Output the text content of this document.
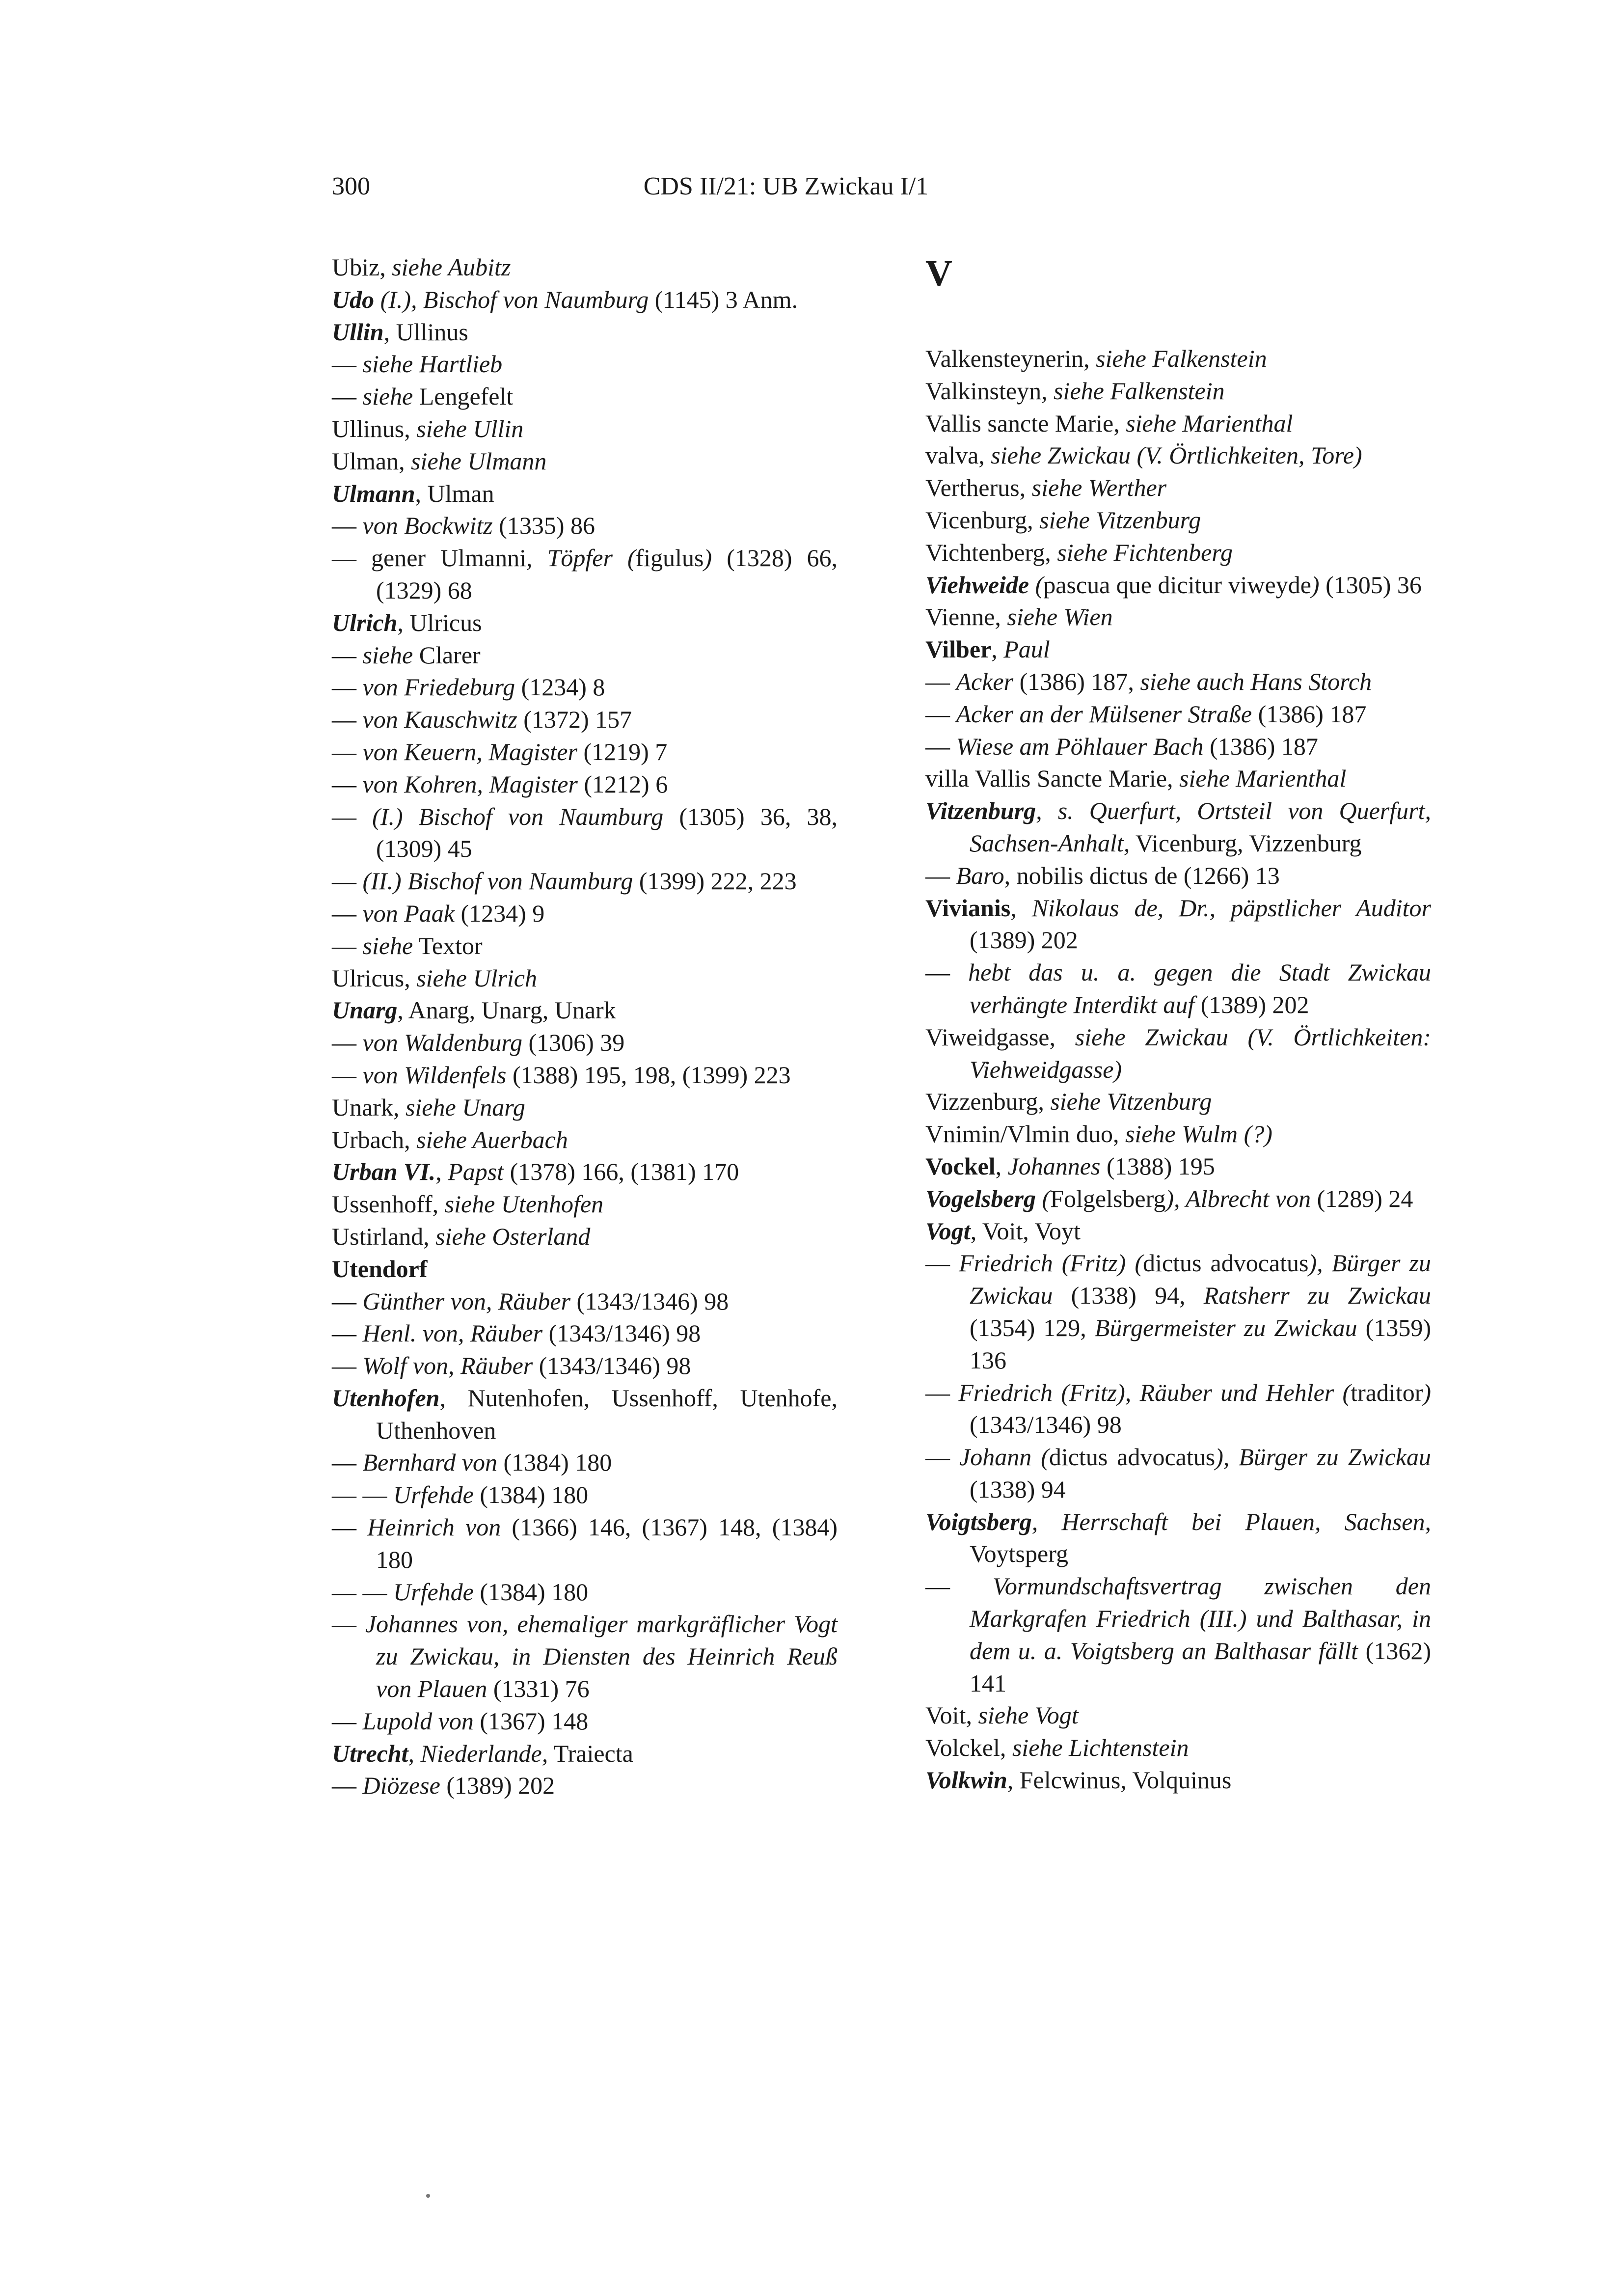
300	CDS II/21: UB Zwickau I/1
Ubiz, siehe Aubitz
Udo (I.), Bischof von Naumburg (1145) 3 Anm.
Ullin, Ullinus
— siehe Hartlieb
— siehe Lengefelt
Ullinus, siehe Ullin
Ulman, siehe Ulmann
Ulmann, Ulman
— von Bockwitz (1335) 86
— gener Ulmanni, Töpfer (figulus) (1328) 66, (1329) 68
Ulrich, Ulricus
— siehe Clarer
— von Friedeburg (1234) 8
— von Kauschwitz (1372) 157
— von Keuern, Magister (1219) 7
— von Kohren, Magister (1212) 6
— (I.) Bischof von Naumburg (1305) 36, 38, (1309) 45
— (II.) Bischof von Naumburg (1399) 222, 223
— von Paak (1234) 9
— siehe Textor
Ulricus, siehe Ulrich
Unarg, Anarg, Unarg, Unark
— von Waldenburg (1306) 39
— von Wildenfels (1388) 195, 198, (1399) 223
Unark, siehe Unarg
Urbach, siehe Auerbach
Urban VI., Papst (1378) 166, (1381) 170
Ussenhoff, siehe Utenhofen
Ustirland, siehe Osterland
Utendorf
— Günther von, Räuber (1343/1346) 98
— Henl. von, Räuber (1343/1346) 98
— Wolf von, Räuber (1343/1346) 98
Utenhofen, Nutenhofen, Ussenhoff, Utenhofe, Uthenhoven
— Bernhard von (1384) 180
— — Urfehde (1384) 180
— Heinrich von (1366) 146, (1367) 148, (1384) 180
— — Urfehde (1384) 180
— Johannes von, ehemaliger markgräflicher Vogt zu Zwickau, in Diensten des Heinrich Reuß von Plauen (1331) 76
— Lupold von (1367) 148
Utrecht, Niederlande, Traiecta
— Diözese (1389) 202
V
Valkensteynerin, siehe Falkenstein
Valkinsteyn, siehe Falkenstein
Vallis sancte Marie, siehe Marienthal
valva, siehe Zwickau (V. Örtlichkeiten, Tore)
Vertherus, siehe Werther
Vicenburg, siehe Vitzenburg
Vichtenberg, siehe Fichtenberg
Viehweide (pascua que dicitur viweyde) (1305) 36
Vienne, siehe Wien
Vilber, Paul
— Acker (1386) 187, siehe auch Hans Storch
— Acker an der Mülsener Straße (1386) 187
— Wiese am Pöhlauer Bach (1386) 187
villa Vallis Sancte Marie, siehe Marienthal
Vitzenburg, s. Querfurt, Ortsteil von Querfurt, Sachsen-Anhalt, Vicenburg, Vizzenburg
— Baro, nobilis dictus de (1266) 13
Vivianis, Nikolaus de, Dr., päpstlicher Auditor (1389) 202
— hebt das u. a. gegen die Stadt Zwickau verhängte Interdikt auf (1389) 202
Viweidgasse, siehe Zwickau (V. Örtlichkeiten: Viehweidgasse)
Vizzenburg, siehe Vitzenburg
Vnimin/Vlmin duo, siehe Wulm (?)
Vockel, Johannes (1388) 195
Vogelsberg (Folgelsberg), Albrecht von (1289) 24
Vogt, Voit, Voyt
— Friedrich (Fritz) (dictus advocatus), Bürger zu Zwickau (1338) 94, Ratsherr zu Zwickau (1354) 129, Bürgermeister zu Zwickau (1359) 136
— Friedrich (Fritz), Räuber und Hehler (traditor) (1343/1346) 98
— Johann (dictus advocatus), Bürger zu Zwickau (1338) 94
Voigtsberg, Herrschaft bei Plauen, Sachsen, Voytsperg
— Vormundschaftsvertrag zwischen den Markgrafen Friedrich (III.) und Balthasar, in dem u. a. Voigtsberg an Balthasar fällt (1362) 141
Voit, siehe Vogt
Volckel, siehe Lichtenstein
Volkwin, Felcwinus, Volquinus
